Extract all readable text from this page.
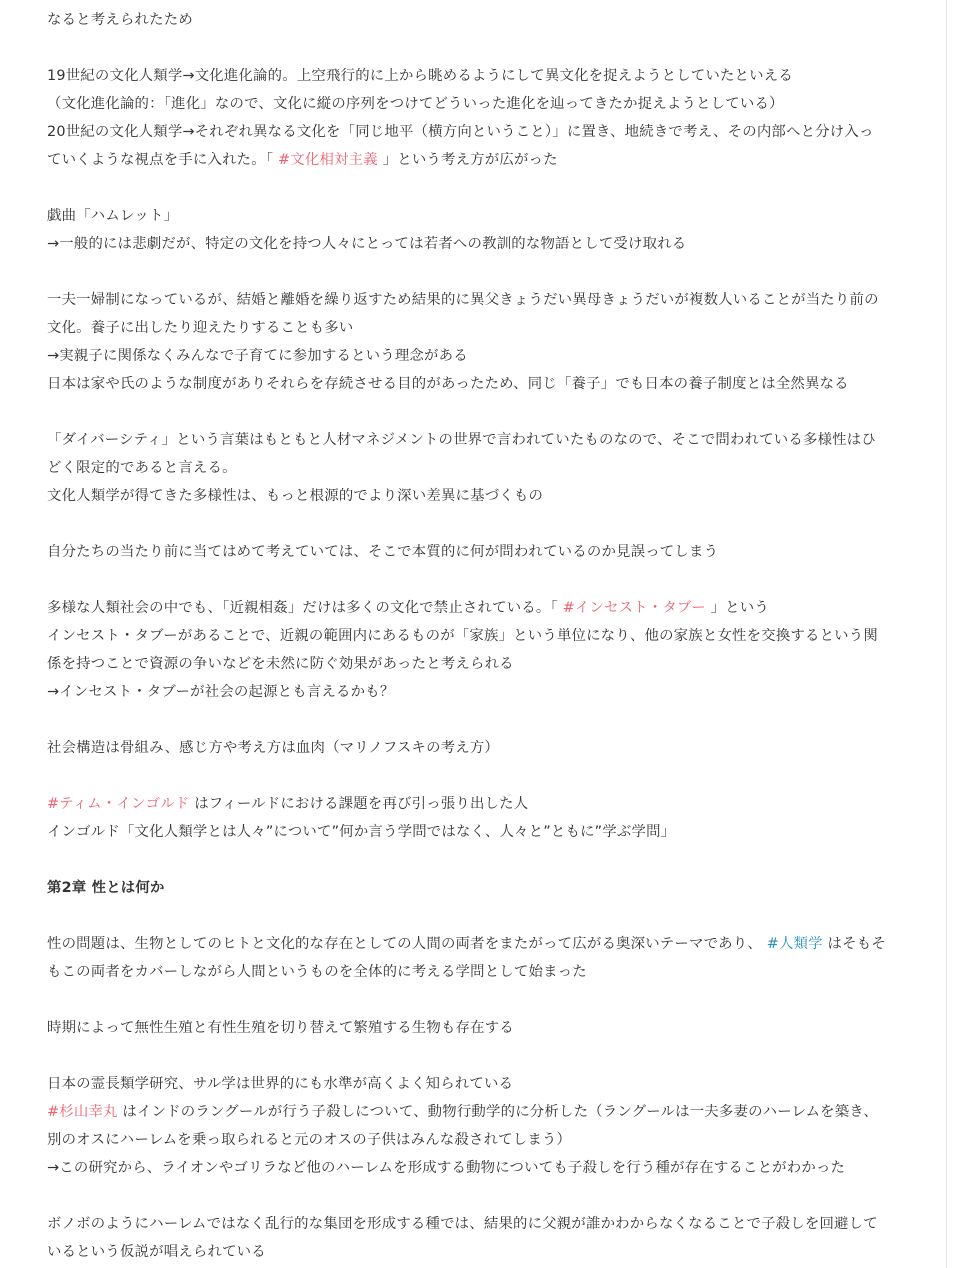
なると考えられたため
19世紀の文化人類学→文化進化論的。上空飛行的に上から眺めるようにして異文化を捉えようとしていたといえる
（文化進化論的：「進化」なので、文化に縦の序列をつけてどういった進化を辿ってきたか捉えようとしている）
20世紀の文化人類学→それぞれ異なる文化を「同じ地平（横方向ということ）」に置き、地続きで考え、その内部へと分け入っ
ていくような視点を手に入れた。「 #文化相対主義 」という考え方が広がった
戯曲「ハムレット」
→一般的には悲劇だが、特定の文化を持つ人々にとっては若者への教訓的な物語として受け取れる
一夫一婦制になっているが、結婚と離婚を繰り返すため結果的に異父きょうだい異母きょうだいが複数人いることが当たり前の
文化。養子に出したり迎えたりすることも多い
→実親子に関係なくみんなで子育てに参加するという理念がある
日本は家や氏のような制度がありそれらを存続させる目的があったため、同じ「養子」でも日本の養子制度とは全然異なる
「ダイバーシティ」という言葉はもともと人材マネジメントの世界で言われていたものなので、そこで問われている多様性はひ
どく限定的であると言える。
文化人類学が得てきた多様性は、もっと根源的でより深い差異に基づくもの
自分たちの当たり前に当てはめて考えていては、そこで本質的に何が問われているのか見誤ってしまう
多様な人類社会の中でも、「近親相姦」だけは多くの文化で禁止されている。「 #インセスト・タブー 」という
インセスト・タブーがあることで、近親の範囲内にあるものが「家族」という単位になり、他の家族と女性を交換するという関
係を持つことで資源の争いなどを未然に防ぐ効果があったと考えられる
→インセスト・タブーが社会の起源とも言えるかも？
社会構造は骨組み、感じ方や考え方は血肉（マリノフスキの考え方）
#ティム・インゴルド はフィールドにおける課題を再び引っ張り出した人
インゴルド「文化人類学とは人々”について”何か言う学問ではなく、人々と”ともに”学ぶ学問」
第2章 性とは何か
性の問題は、生物としてのヒトと文化的な存在としての人間の両者をまたがって広がる奥深いテーマであり、 #人類学 はそもそ
もこの両者をカバーしながら人間というものを全体的に考える学問として始まった
時期によって無性生殖と有性生殖を切り替えて繁殖する生物も存在する
日本の霊長類学研究、サル学は世界的にも水準が高くよく知られている
#杉山幸丸 はインドのラングールが行う子殺しについて、動物行動学的に分析した（ラングールは一夫多妻のハーレムを築き、
別のオスにハーレムを乗っ取られると元のオスの子供はみんな殺されてしまう）
→この研究から、ライオンやゴリラなど他のハーレムを形成する動物についても子殺しを行う種が存在することがわかった
ボノボのようにハーレムではなく乱行的な集団を形成する種では、結果的に父親が誰かわからなくなることで子殺しを回避して
いるという仮説が唱えられている
